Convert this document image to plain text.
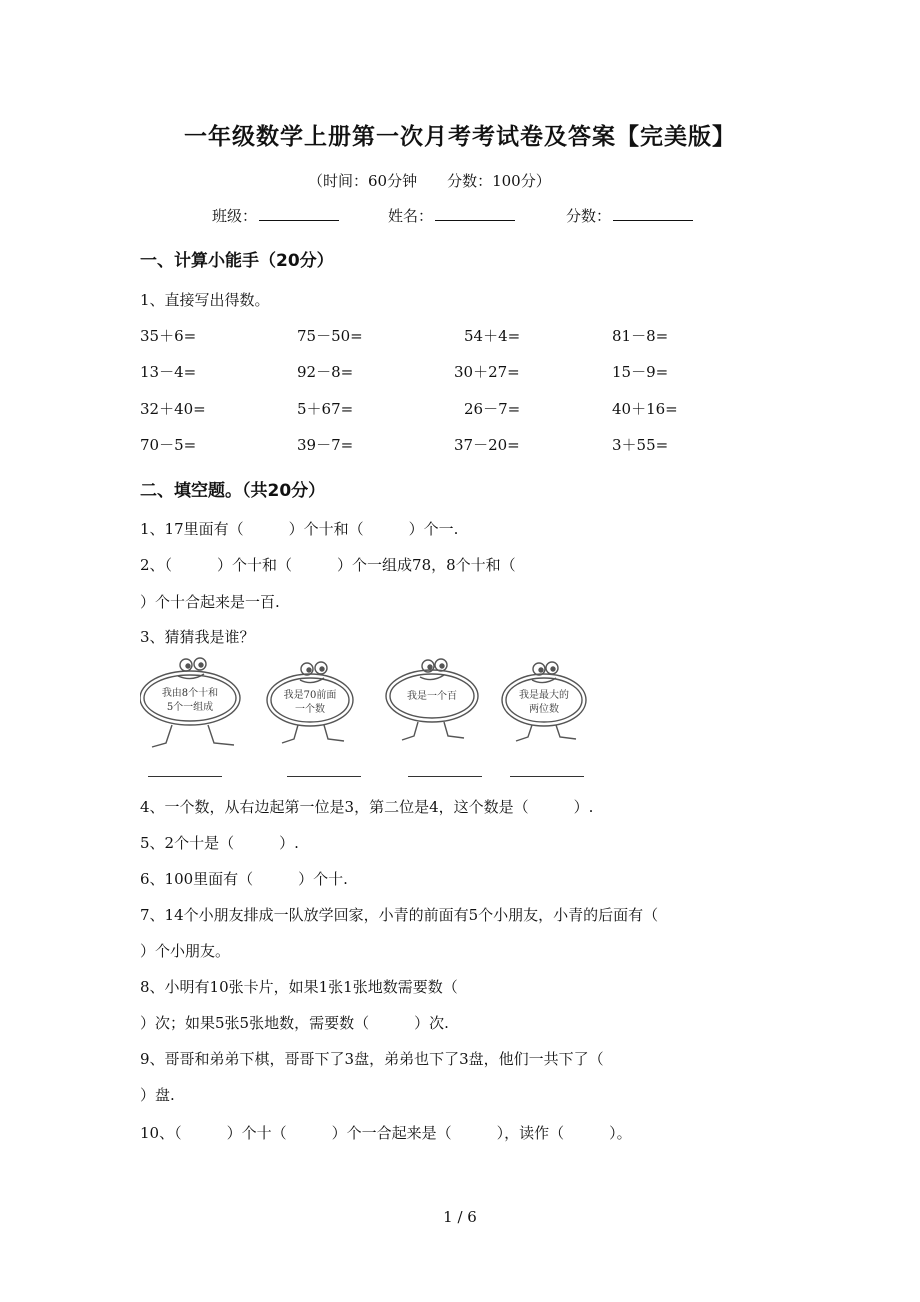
一年级数学上册第一次月考考试卷及答案【完美版】
（时间：60分钟　　分数：100分）
班级：	姓名：	分数：
一、计算小能手（20分）
1、直接写出得数。
35＋6=	75－50=	54＋4=	81－8=
13－4=	92－8=	30＋27=	15－9=
32＋40=	5＋67=	26－7=	40＋16=
70－5=	39－7=	37－20=	3＋55=
二、填空题。（共20分）
1、17里面有（　　　）个十和（　　　）个一.
2、（　　　）个十和（　　　）个一组成78，8个十和（
）个十合起来是一百.
3、猜猜我是谁？
我由8个十和
5个一组成
我是70前面
一个数
我是一个百	我是最大的
两位数
4、一个数，从右边起第一位是3，第二位是4，这个数是（　　　）.
5、2个十是（　　　）.
6、100里面有（　　　）个十.
7、14个小朋友排成一队放学回家，小青的前面有5个小朋友，小青的后面有（
）个小朋友。
8、小明有10张卡片，如果1张1张地数需要数（
）次；如果5张5张地数，需要数（　　　）次.
9、哥哥和弟弟下棋，哥哥下了3盘，弟弟也下了3盘，他们一共下了（
）盘.
10、（　　　）个十（　　　）个一合起来是（　　　），读作（　　　）。
1 / 6
